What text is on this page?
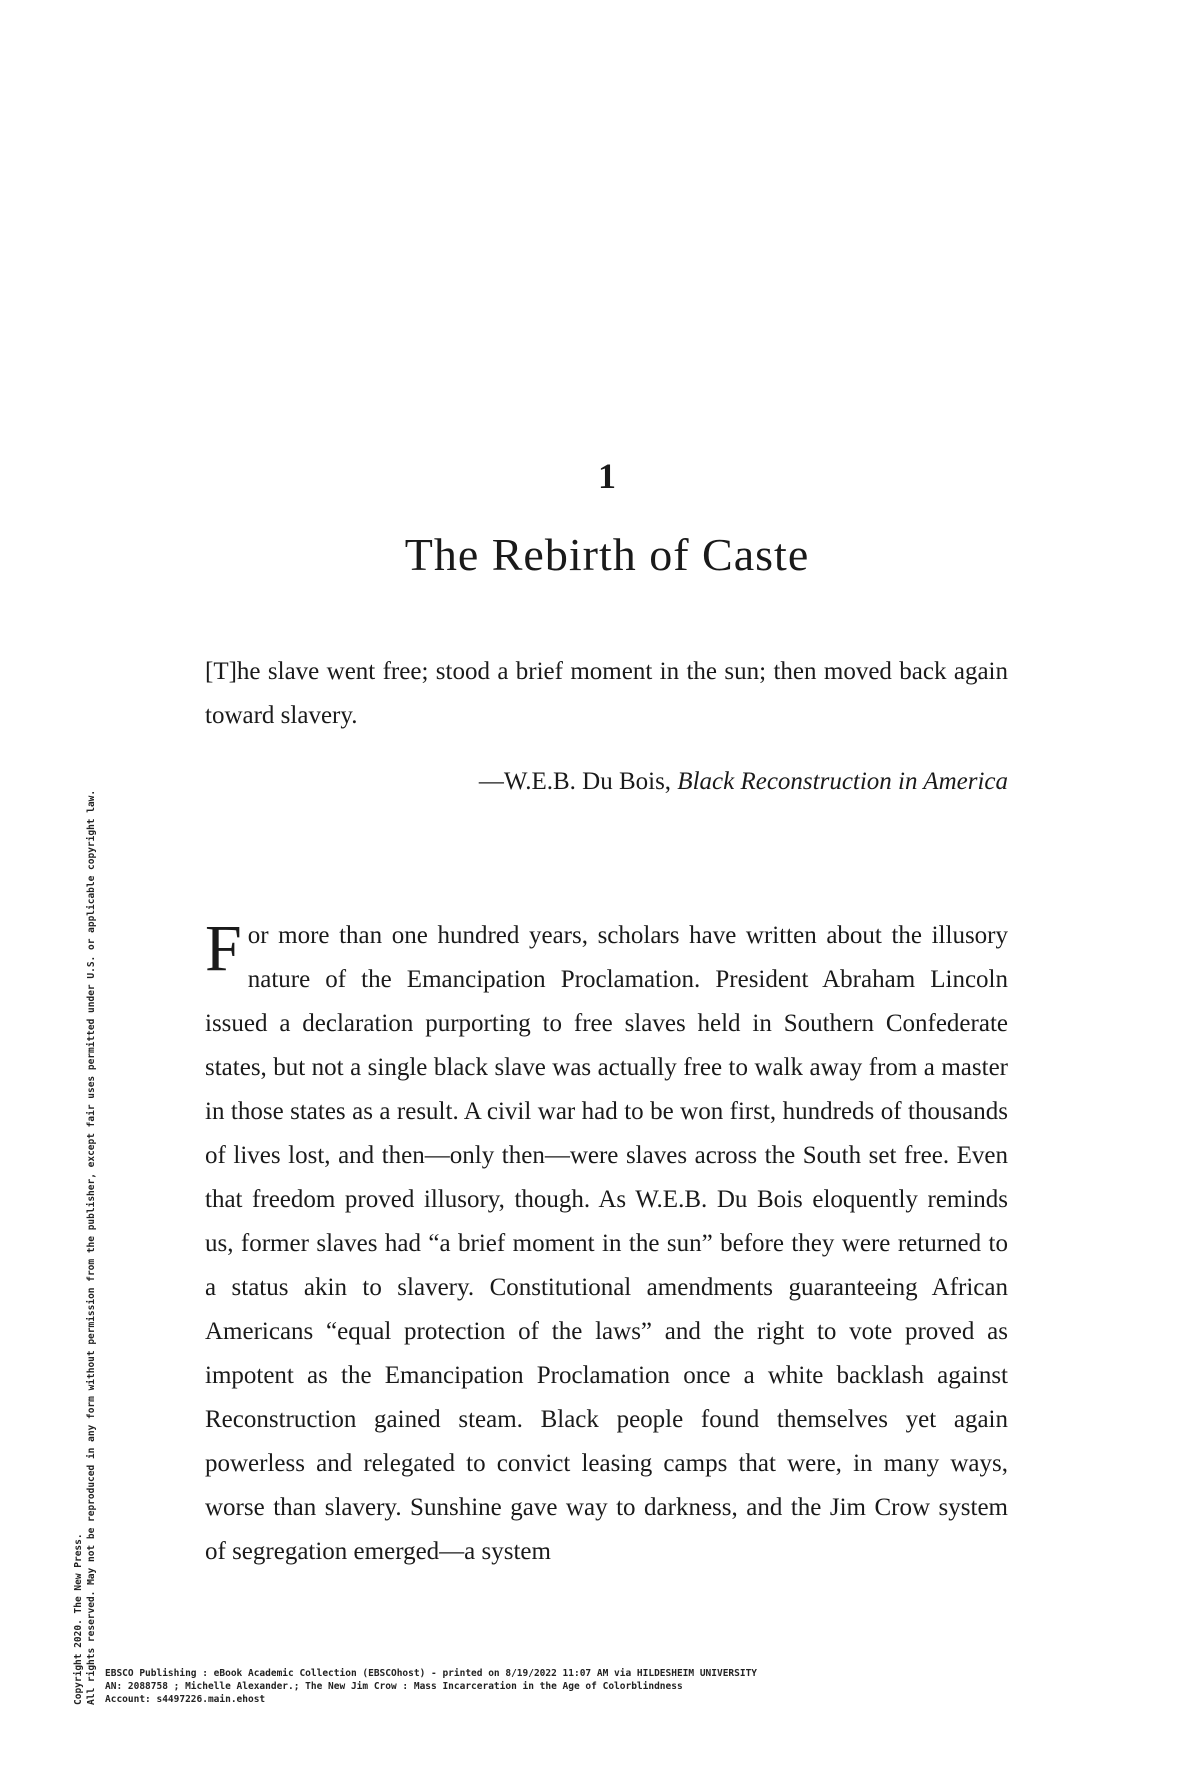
1
The Rebirth of Caste
[T]he slave went free; stood a brief moment in the sun; then moved back again toward slavery.
—W.E.B. Du Bois, Black Reconstruction in America
For more than one hundred years, scholars have written about the illusory nature of the Emancipation Proclamation. President Abraham Lincoln issued a declaration purporting to free slaves held in Southern Confederate states, but not a single black slave was actually free to walk away from a master in those states as a result. A civil war had to be won first, hundreds of thousands of lives lost, and then—only then—were slaves across the South set free. Even that freedom proved illusory, though. As W.E.B. Du Bois eloquently reminds us, former slaves had “a brief moment in the sun” before they were returned to a status akin to slavery. Constitutional amendments guaranteeing African Americans “equal protection of the laws” and the right to vote proved as impotent as the Emancipation Proclamation once a white backlash against Reconstruction gained steam. Black people found themselves yet again powerless and relegated to convict leasing camps that were, in many ways, worse than slavery. Sunshine gave way to darkness, and the Jim Crow system of segregation emerged—a system
Copyright 2020. The New Press. All rights reserved. May not be reproduced in any form without permission from the publisher, except fair uses permitted under U.S. or applicable copyright law. EBSCO Publishing : eBook Academic Collection (EBSCOhost) - printed on 8/19/2022 11:07 AM via HILDESHEIM UNIVERSITY
AN: 2088758 ; Michelle Alexander.; The New Jim Crow : Mass Incarceration in the Age of Colorblindness
Account: s4497226.main.ehost
